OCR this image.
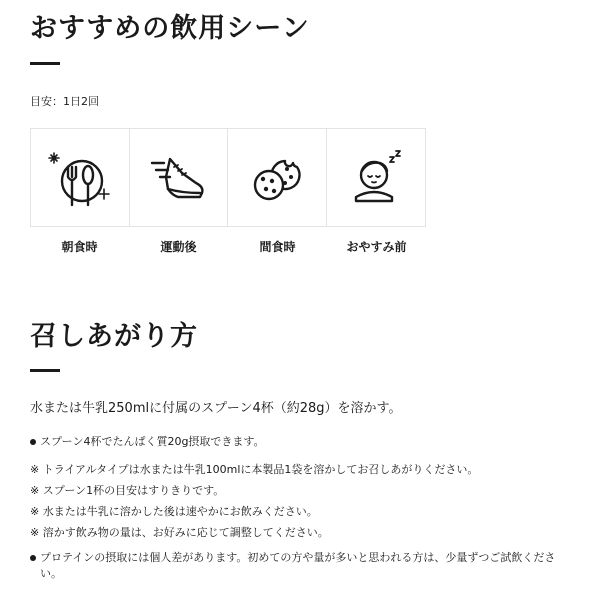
おすすめの飲用シーン
目安：1日2回
朝食時	運動後	間食時	おやすみ前
召しあがり方
水または牛乳250mlに付属のスプーン4杯（約28g）を溶かす。
スプーン4杯でたんぱく質20g摂取できます。
※ トライアルタイプは水または牛乳100mlに本製品1袋を溶かしてお召しあがりください。
※ スプーン1杯の目安はすりきりです。
※ 水または牛乳に溶かした後は速やかにお飲みください。
※ 溶かす飲み物の量は、お好みに応じて調整してください。
プロテインの摂取には個人差があります。初めての方や量が多いと思われる方は、少量ずつご試飲ください。
